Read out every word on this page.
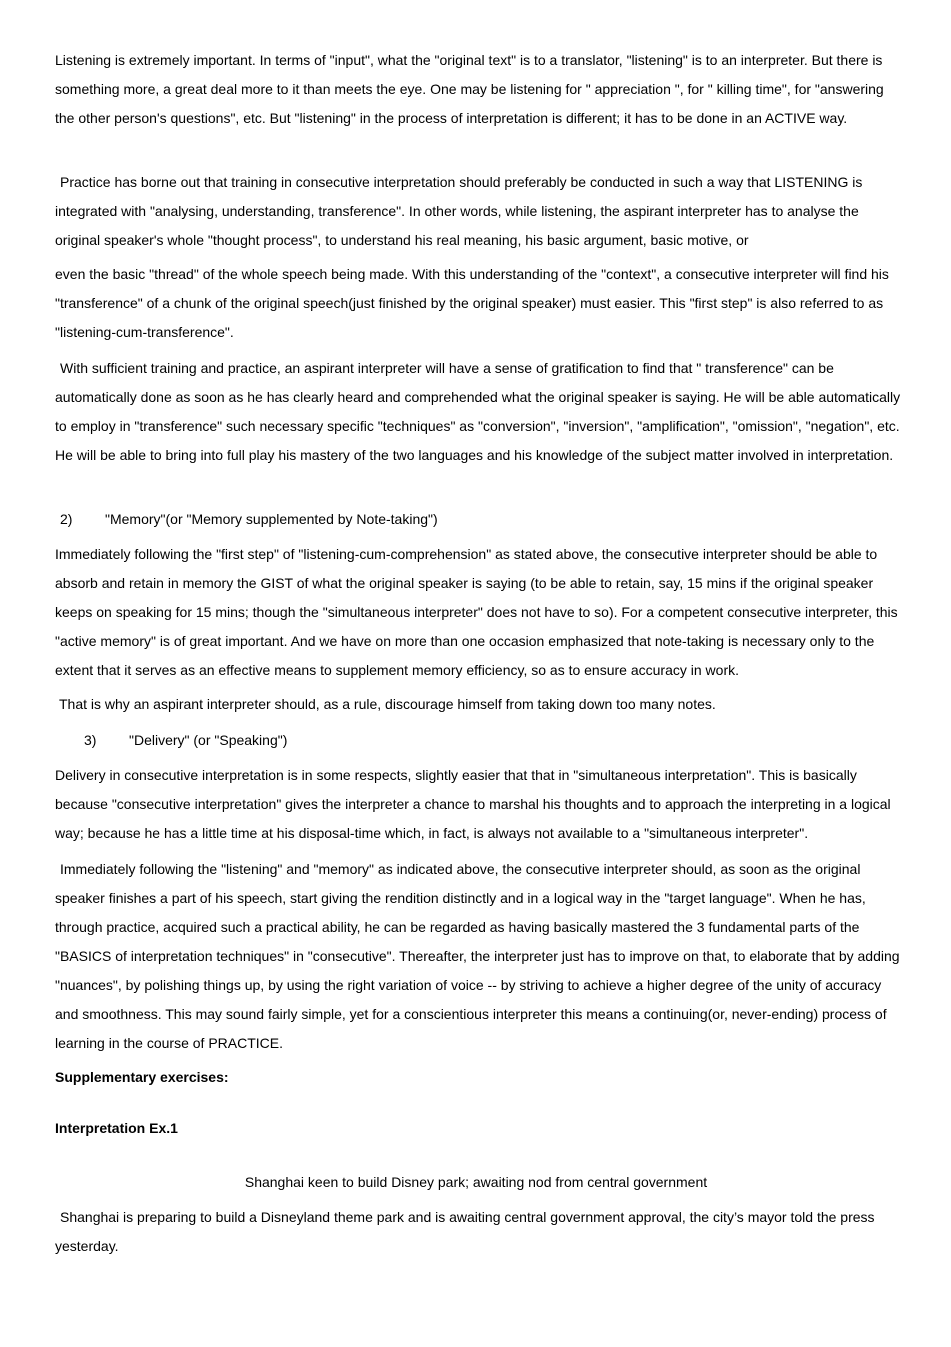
Listening is extremely important. In terms of "input", what the "original text" is to a translator, "listening" is to an interpreter. But there is something more, a great deal more to it than meets the eye. One may be listening for " appreciation ", for " killing time", for "answering the other person's questions", etc. But "listening" in the process of interpretation is different; it has to be done in an ACTIVE way.

Practice has borne out that training in consecutive interpretation should preferably be conducted in such a way that LISTENING is integrated with "analysing, understanding, transference". In other words, while listening, the aspirant interpreter has to analyse the original speaker's whole "thought process", to understand his real meaning, his basic argument, basic motive, or

even the basic "thread" of the whole speech being made. With this understanding of the "context", a consecutive interpreter will find his "transference" of a chunk of the original speech(just finished by the original speaker) must easier. This "first step" is also referred to as "listening-cum-transference".

With sufficient training and practice, an aspirant interpreter will have a sense of gratification to find that " transference" can be automatically done as soon as he has clearly heard and comprehended what the original speaker is saying. He will be able automatically to employ in "transference" such necessary specific "techniques" as "conversion", "inversion", "amplification", "omission", "negation", etc. He will be able to bring into full play his mastery of the two languages and his knowledge of the subject matter involved in interpretation.

2) "Memory"(or "Memory supplemented by Note-taking")

Immediately following the "first step" of "listening-cum-comprehension" as stated above, the consecutive interpreter should be able to absorb and retain in memory the GIST of what the original speaker is saying (to be able to retain, say, 15 mins if the original speaker keeps on speaking for 15 mins; though the "simultaneous interpreter" does not have to so). For a competent consecutive interpreter, this "active memory" is of great important. And we have on more than one occasion emphasized that note-taking is necessary only to the extent that it serves as an effective means to supplement memory efficiency, so as to ensure accuracy in work.

That is why an aspirant interpreter should, as a rule, discourage himself from taking down too many notes.

3) "Delivery" (or "Speaking")

Delivery in consecutive interpretation is in some respects, slightly easier that that in "simultaneous interpretation". This is basically because "consecutive interpretation" gives the interpreter a chance to marshal his thoughts and to approach the interpreting in a logical way; because he has a little time at his disposal-time which, in fact, is always not available to a "simultaneous interpreter".

Immediately following the "listening" and "memory" as indicated above, the consecutive interpreter should, as soon as the original speaker finishes a part of his speech, start giving the rendition distinctly and in a logical way in the "target language". When he has, through practice, acquired such a practical ability, he can be regarded as having basically mastered the 3 fundamental parts of the "BASICS of interpretation techniques" in "consecutive". Thereafter, the interpreter just has to improve on that, to elaborate that by adding "nuances", by polishing things up, by using the right variation of voice -- by striving to achieve a higher degree of the unity of accuracy and smoothness. This may sound fairly simple, yet for a conscientious interpreter this means a continuing(or, never-ending) process of learning in the course of PRACTICE.

Supplementary exercises:

Interpretation Ex.1

Shanghai keen to build Disney park; awaiting nod from central government

Shanghai is preparing to build a Disneyland theme park and is awaiting central government approval, the city’s mayor told the press yesterday.
